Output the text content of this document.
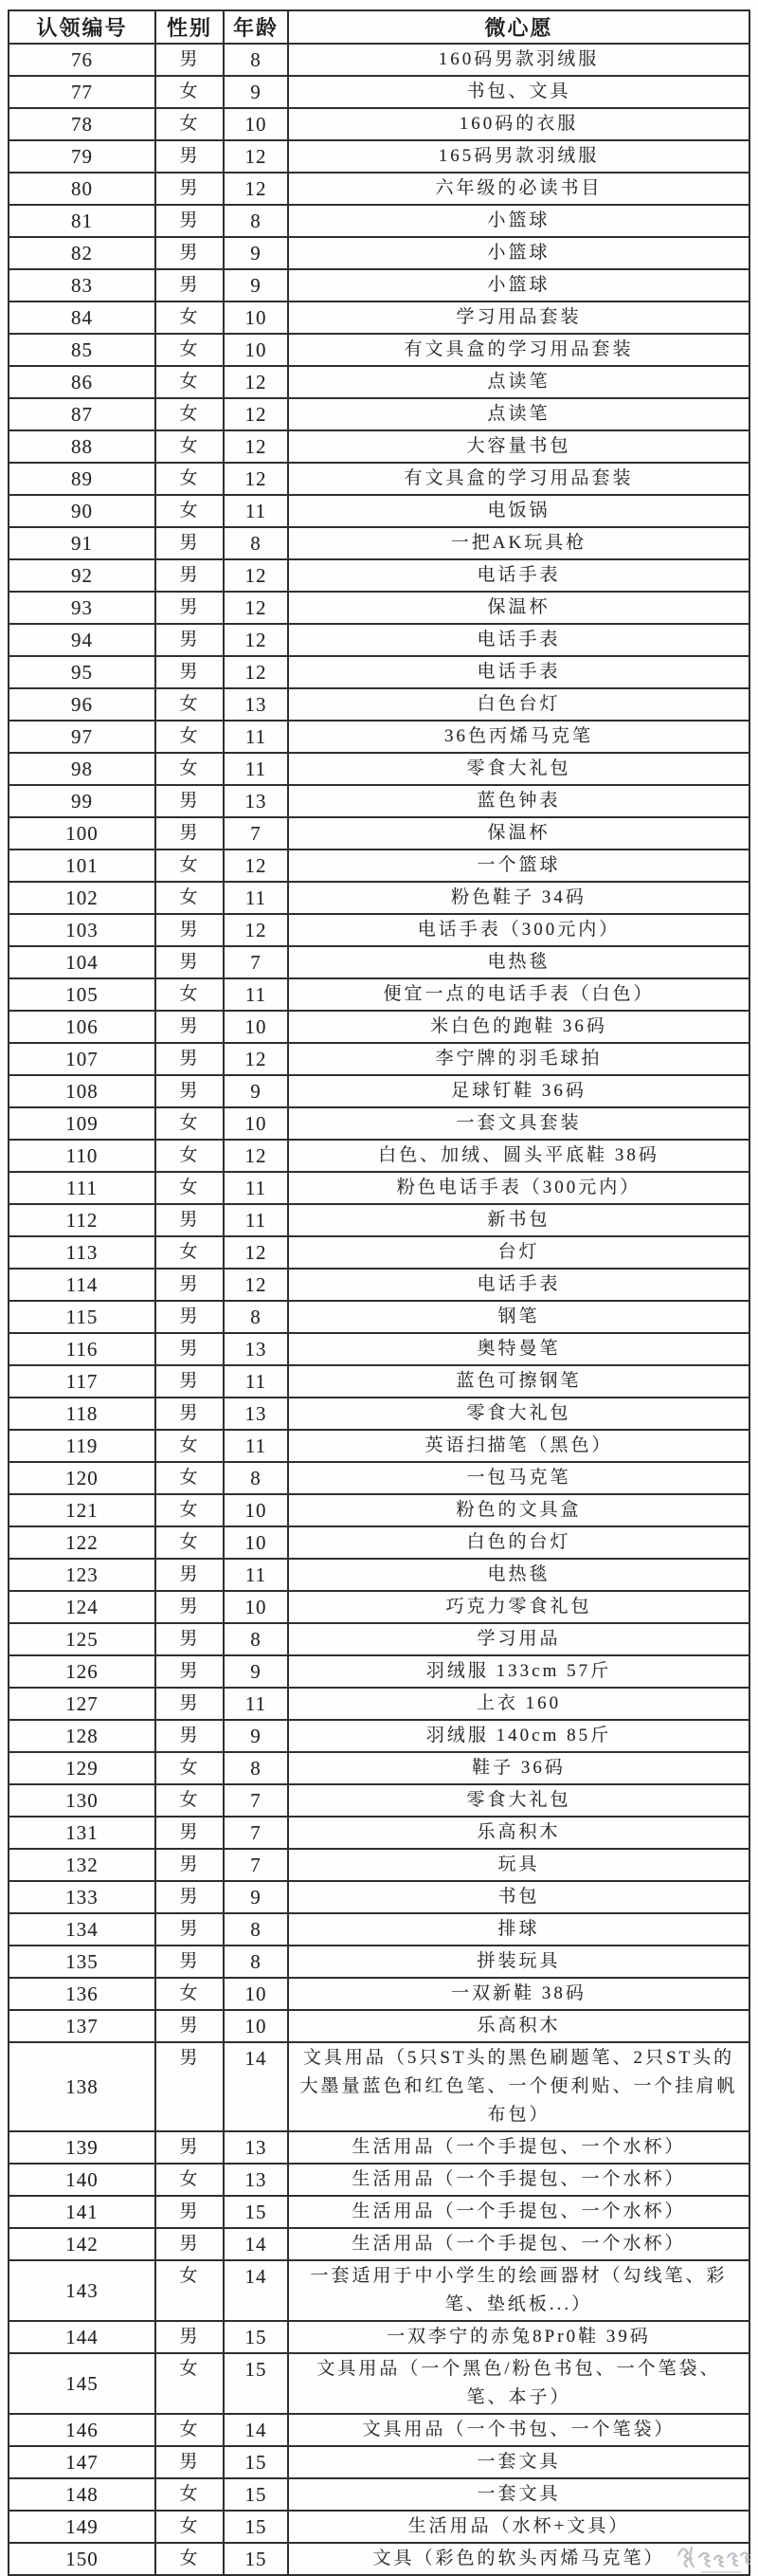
认领编号	性别	年龄	微心愿
76	男	8	160码男款羽绒服
77	女	9	书包、文具
78	女	10	160码的衣服
79	男	12	165码男款羽绒服
80	男	12	六年级的必读书目
81	男	8	小篮球
82	男	9	小篮球
83	男	9	小篮球
84	女	10	学习用品套装
85	女	10	有文具盒的学习用品套装
86	女	12	点读笔
87	女	12	点读笔
88	女	12	大容量书包
89	女	12	有文具盒的学习用品套装
90	女	11	电饭锅
91	男	8	一把AK玩具枪
92	男	12	电话手表
93	男	12	保温杯
94	男	12	电话手表
95	男	12	电话手表
96	女	13	白色台灯
97	女	11	36色丙烯马克笔
98	女	11	零食大礼包
99	男	13	蓝色钟表
100	男	7	保温杯
101	女	12	一个篮球
102	女	11	粉色鞋子 34码
103	男	12	电话手表（300元内）
104	男	7	电热毯
105	女	11	便宜一点的电话手表（白色）
106	男	10	米白色的跑鞋 36码
107	男	12	李宁牌的羽毛球拍
108	男	9	足球钉鞋 36码
109	女	10	一套文具套装
110	女	12	白色、加绒、圆头平底鞋 38码
111	女	11	粉色电话手表（300元内）
112	男	11	新书包
113	女	12	台灯
114	男	12	电话手表
115	男	8	钢笔
116	男	13	奥特曼笔
117	男	11	蓝色可擦钢笔
118	男	13	零食大礼包
119	女	11	英语扫描笔（黑色）
120	女	8	一包马克笔
121	女	10	粉色的文具盒
122	女	10	白色的台灯
123	男	11	电热毯
124	男	10	巧克力零食礼包
125	男	8	学习用品
126	男	9	羽绒服 133cm 57斤
127	男	11	上衣 160
128	男	9	羽绒服 140cm 85斤
129	女	8	鞋子 36码
130	女	7	零食大礼包
131	男	7	乐高积木
132	男	7	玩具
133	男	9	书包
134	男	8	排球
135	男	8	拼装玩具
136	女	10	一双新鞋 38码
137	男	10	乐高积木
138	男	14	文具用品（5只ST头的黑色刷题笔、2只ST头的大墨量蓝色和红色笔、一个便利贴、一个挂肩帆布包）
139	男	13	生活用品（一个手提包、一个水杯）
140	女	13	生活用品（一个手提包、一个水杯）
141	男	15	生活用品（一个手提包、一个水杯）
142	男	14	生活用品（一个手提包、一个水杯）
143	女	14	一套适用于中小学生的绘画器材（勾线笔、彩笔、垫纸板...）
144	男	15	一双李宁的赤兔8Pr0鞋 39码
145	女	15	文具用品（一个黑色/粉色书包、一个笔袋、笔、本子）
146	女	14	文具用品（一个书包、一个笔袋）
147	男	15	一套文具
148	女	15	一套文具
149	女	15	生活用品（水杯+文具）
150	女	15	文具（彩色的软头丙烯马克笔）
